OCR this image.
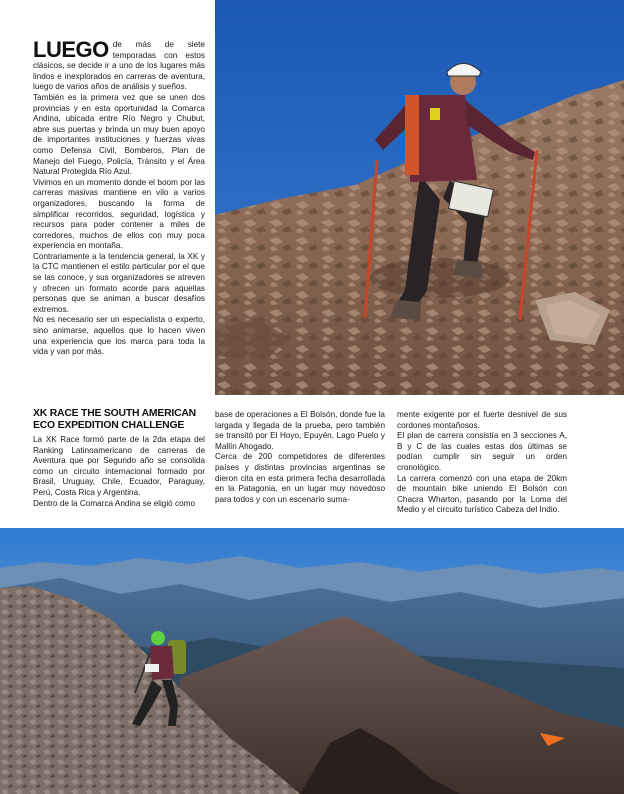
LUEGO de más de siete temporadas con estos clásicos, se decide ir a uno de los lugares más lindos e inexplorados en carreras de aventura, luego de varios años de análisis y sueños.

También es la primera vez que se unen dos provincias y en esta oportunidad la Comarca Andina, ubicada entre Río Negro y Chubut, abre sus puertas y brinda un muy buen apoyo de importantes instituciones y fuerzas vivas como Defensa Civil, Bomberos, Plan de Manejo del Fuego, Policía, Tránsito y el Área Natural Protegida Río Azul.

Vivimos en un momento donde el boom por las carreras masivas mantiene en vilo a varios organizadores, buscando la forma de simplificar recorridos, seguridad, logística y recursos para poder contener a miles de corredores, muchos de ellos con muy poca experiencia en montaña.

Contrariamente a la tendencia general, la XK y la CTC mantienen el estilo particular por el que se las conoce, y sus organizadores se atreven y ofrecen un formato acorde para aquellas personas que se animan a buscar desafíos extremos.

No es necesario ser un especialista o experto, sino animarse, aquellos que lo hacen viven una experiencia que los marca para toda la vida y van por más.

XK RACE THE SOUTH AMERICAN ECO EXPEDITION CHALLENGE

La XK Race formó parte de la 2da etapa del Ranking Latinoamericano de carreras de Aventura que por Segundo año se consolida como un circuito internacional formado por Brasil, Uruguay, Chile, Ecuador, Paraguay, Perú, Costa Rica y Argentina.

Dentro de la Comarca Andina se eligió como

base de operaciones a El Bolsón, donde fue la largada y llegada de la prueba, pero también se transitó por El Hoyo, Epuyén, Lago Puelo y Mallín Ahogado.

Cerca de 200 competidores de diferentes países y distintas provincias argentinas se dieron cita en esta primera fecha desarrollada en la Patagonia, en un lugar muy novedoso para todos y con un escenario suma-

mente exigente por el fuerte desnivel de sus cordones montañosos.

El plan de carrera consistía en 3 secciones A, B y C de las cuales estas dos últimas se podían cumplir sin seguir un orden cronológico.

La carrera comenzó con una etapa de 20km de mountain bike uniendo El Bolsón con Chacra Wharton, pasando por la Loma del Medio y el circuito turístico Cabeza del Indio.
